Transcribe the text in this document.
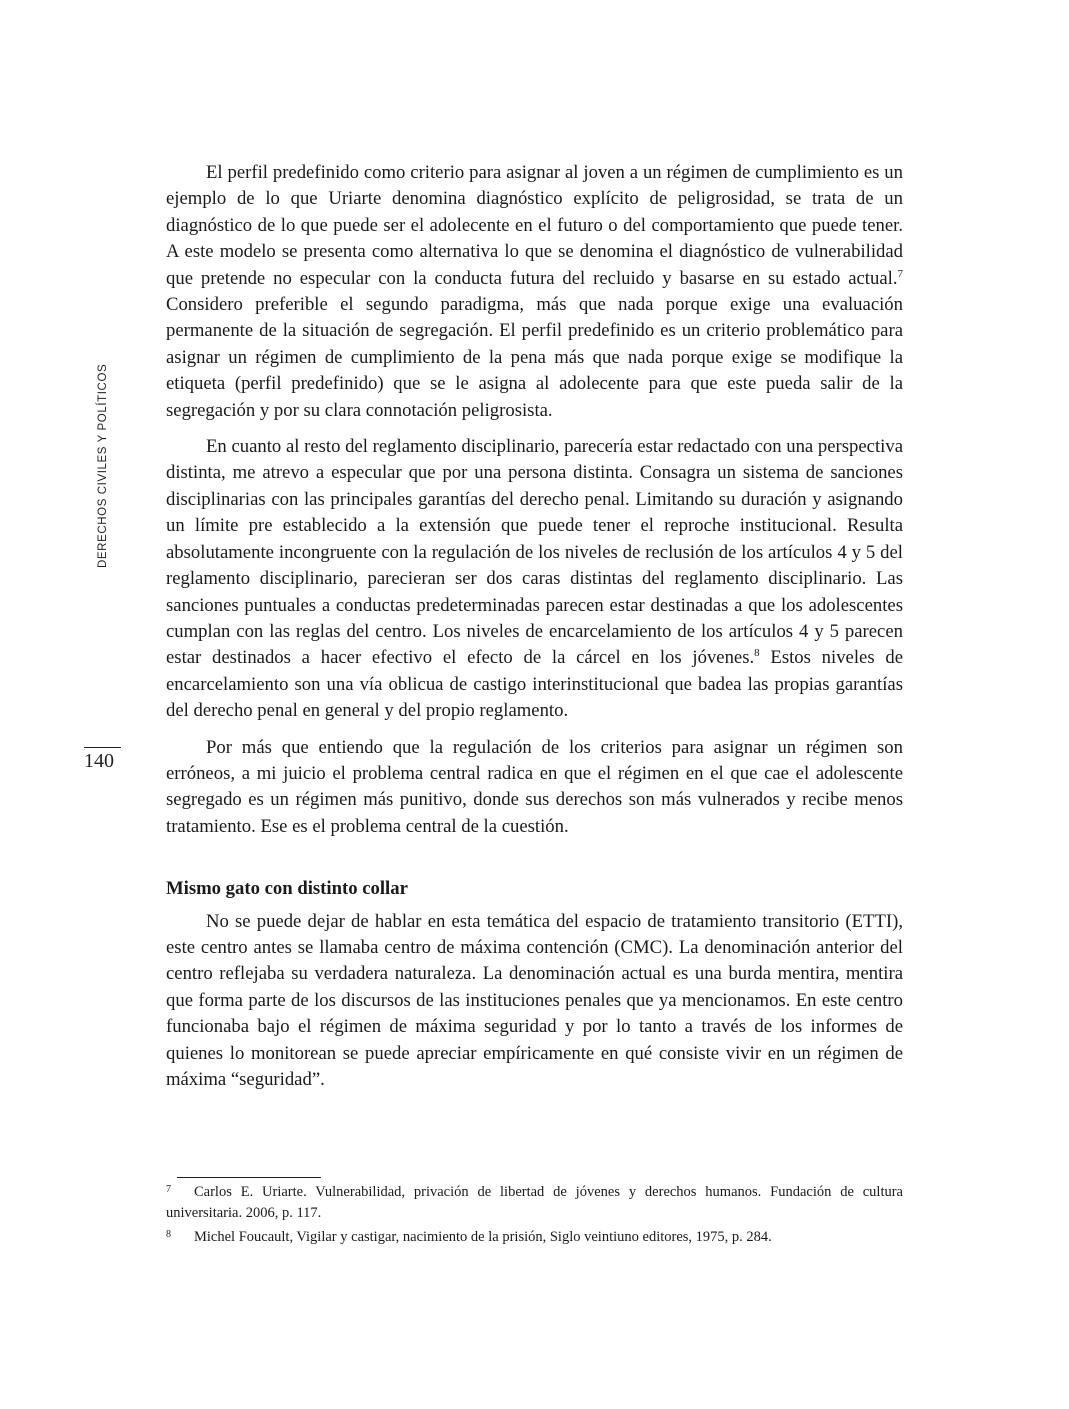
DERECHOS CIVILES Y POLÍTICOS
140

El perfil predefinido como criterio para asignar al joven a un régimen de cumplimiento es un ejemplo de lo que Uriarte denomina diagnóstico explícito de peligrosidad, se trata de un diagnóstico de lo que puede ser el adolecente en el futuro o del comportamiento que puede tener. A este modelo se presenta como alternativa lo que se denomina el diagnóstico de vulnerabilidad que pretende no especular con la conducta futura del recluido y basarse en su estado actual.$^7$ Considero preferible el segundo paradigma, más que nada porque exige una evaluación permanente de la situación de segregación. El perfil predefinido es un criterio problemático para asignar un régimen de cumplimiento de la pena más que nada porque exige se modifique la etiqueta (perfil predefinido) que se le asigna al adolecente para que este pueda salir de la segregación y por su clara connotación peligrosista.

En cuanto al resto del reglamento disciplinario, parecería estar redactado con una perspectiva distinta, me atrevo a especular que por una persona distinta. Consagra un sistema de sanciones disciplinarias con las principales garantías del derecho penal. Limitando su duración y asignando un límite pre establecido a la extensión que puede tener el reproche institucional. Resulta absolutamente incongruente con la regulación de los niveles de reclusión de los artículos 4 y 5 del reglamento disciplinario, parecieran ser dos caras distintas del reglamento disciplinario. Las sanciones puntuales a conductas predeterminadas parecen estar destinadas a que los adolescentes cumplan con las reglas del centro. Los niveles de encarcelamiento de los artículos 4 y 5 parecen estar destinados a hacer efectivo el efecto de la cárcel en los jóvenes.$^8$ Estos niveles de encarcelamiento son una vía oblicua de castigo interinstitucional que badea las propias garantías del derecho penal en general y del propio reglamento.

Por más que entiendo que la regulación de los criterios para asignar un régimen son erróneos, a mi juicio el problema central radica en que el régimen en el que cae el adolescente segregado es un régimen más punitivo, donde sus derechos son más vulnerados y recibe menos tratamiento. Ese es el problema central de la cuestión.

Mismo gato con distinto collar

No se puede dejar de hablar en esta temática del espacio de tratamiento transitorio (ETTI), este centro antes se llamaba centro de máxima contención (CMC). La denominación anterior del centro reflejaba su verdadera naturaleza. La denominación actual es una burda mentira, mentira que forma parte de los discursos de las instituciones penales que ya mencionamos. En este centro funcionaba bajo el régimen de máxima seguridad y por lo tanto a través de los informes de quienes lo monitorean se puede apreciar empíricamente en qué consiste vivir en un régimen de máxima “seguridad”.

7 Carlos E. Uriarte. Vulnerabilidad, privación de libertad de jóvenes y derechos humanos. Fundación de cultura universitaria. 2006, p. 117.
8 Michel Foucault, Vigilar y castigar, nacimiento de la prisión, Siglo veintiuno editores, 1975, p. 284.
